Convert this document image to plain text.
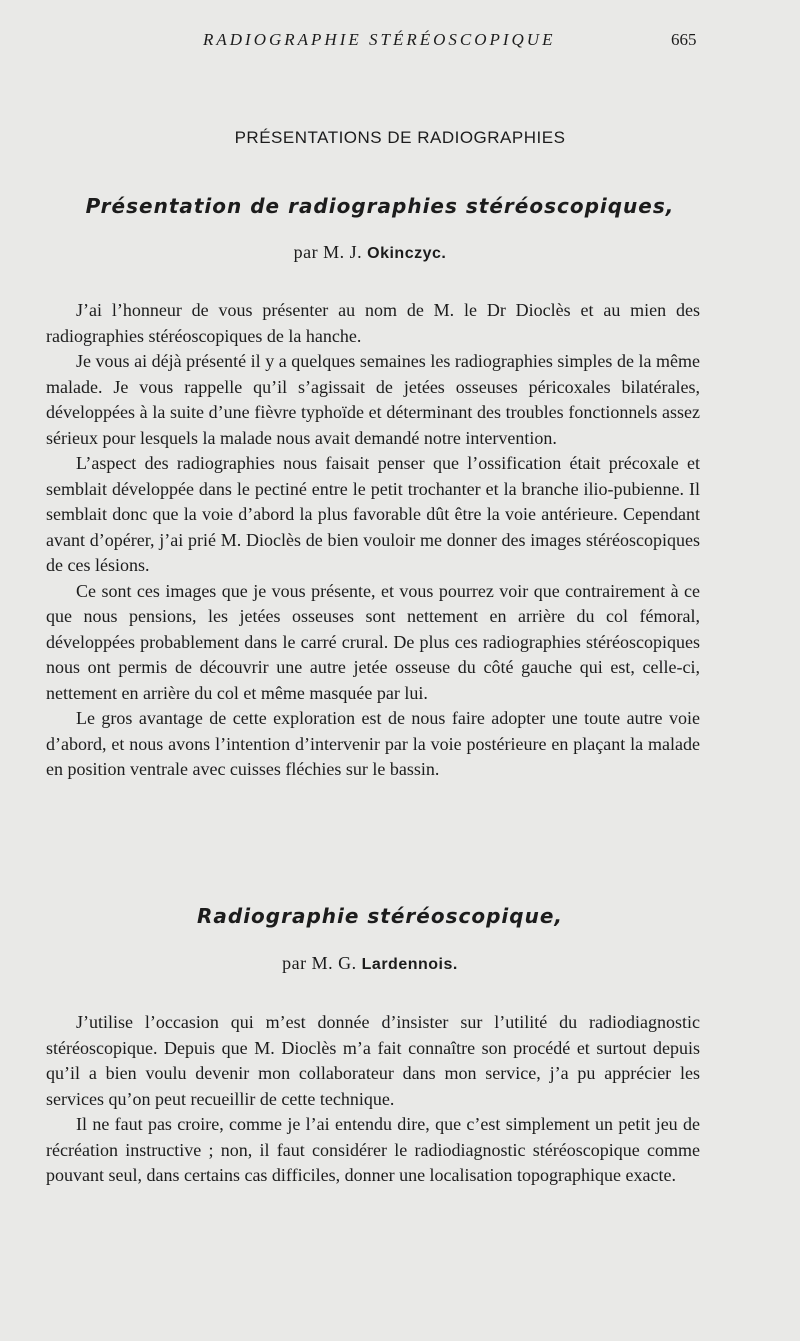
RADIOGRAPHIE STÉRÉOSCOPIQUE	665
PRÉSENTATIONS DE RADIOGRAPHIES
Présentation de radiographies stéréoscopiques,
par M. J. Okinczyc.

J’ai l’honneur de vous présenter au nom de M. le Dr Dioclès et au mien des radiographies stéréoscopiques de la hanche.

Je vous ai déjà présenté il y a quelques semaines les radiographies simples de la même malade. Je vous rappelle qu’il s’agissait de jetées osseuses péricoxales bilatérales, développées à la suite d’une fièvre typhoïde et déterminant des troubles fonctionnels assez sérieux pour lesquels la malade nous avait demandé notre intervention.

L’aspect des radiographies nous faisait penser que l’ossification était précoxale et semblait développée dans le pectiné entre le petit trochanter et la branche ilio-pubienne. Il semblait donc que la voie d’abord la plus favorable dût être la voie antérieure. Cependant avant d’opérer, j’ai prié M. Dioclès de bien vouloir me donner des images stéréoscopiques de ces lésions.

Ce sont ces images que je vous présente, et vous pourrez voir que contrairement à ce que nous pensions, les jetées osseuses sont nettement en arrière du col fémoral, développées probablement dans le carré crural. De plus ces radiographies stéréoscopiques nous ont permis de découvrir une autre jetée osseuse du côté gauche qui est, celle-ci, nettement en arrière du col et même masquée par lui.

Le gros avantage de cette exploration est de nous faire adopter une toute autre voie d’abord, et nous avons l’intention d’intervenir par la voie postérieure en plaçant la malade en position ventrale avec cuisses fléchies sur le bassin.

Radiographie stéréoscopique,
par M. G. Lardennois.

J’utilise l’occasion qui m’est donnée d’insister sur l’utilité du radiodiagnostic stéréoscopique. Depuis que M. Dioclès m’a fait connaître son procédé et surtout depuis qu’il a bien voulu devenir mon collaborateur dans mon service, j’a pu apprécier les services qu’on peut recueillir de cette technique.

Il ne faut pas croire, comme je l’ai entendu dire, que c’est simplement un petit jeu de récréation instructive ; non, il faut considérer le radiodiagnostic stéréoscopique comme pouvant seul, dans certains cas difficiles, donner une localisation topographique exacte.
